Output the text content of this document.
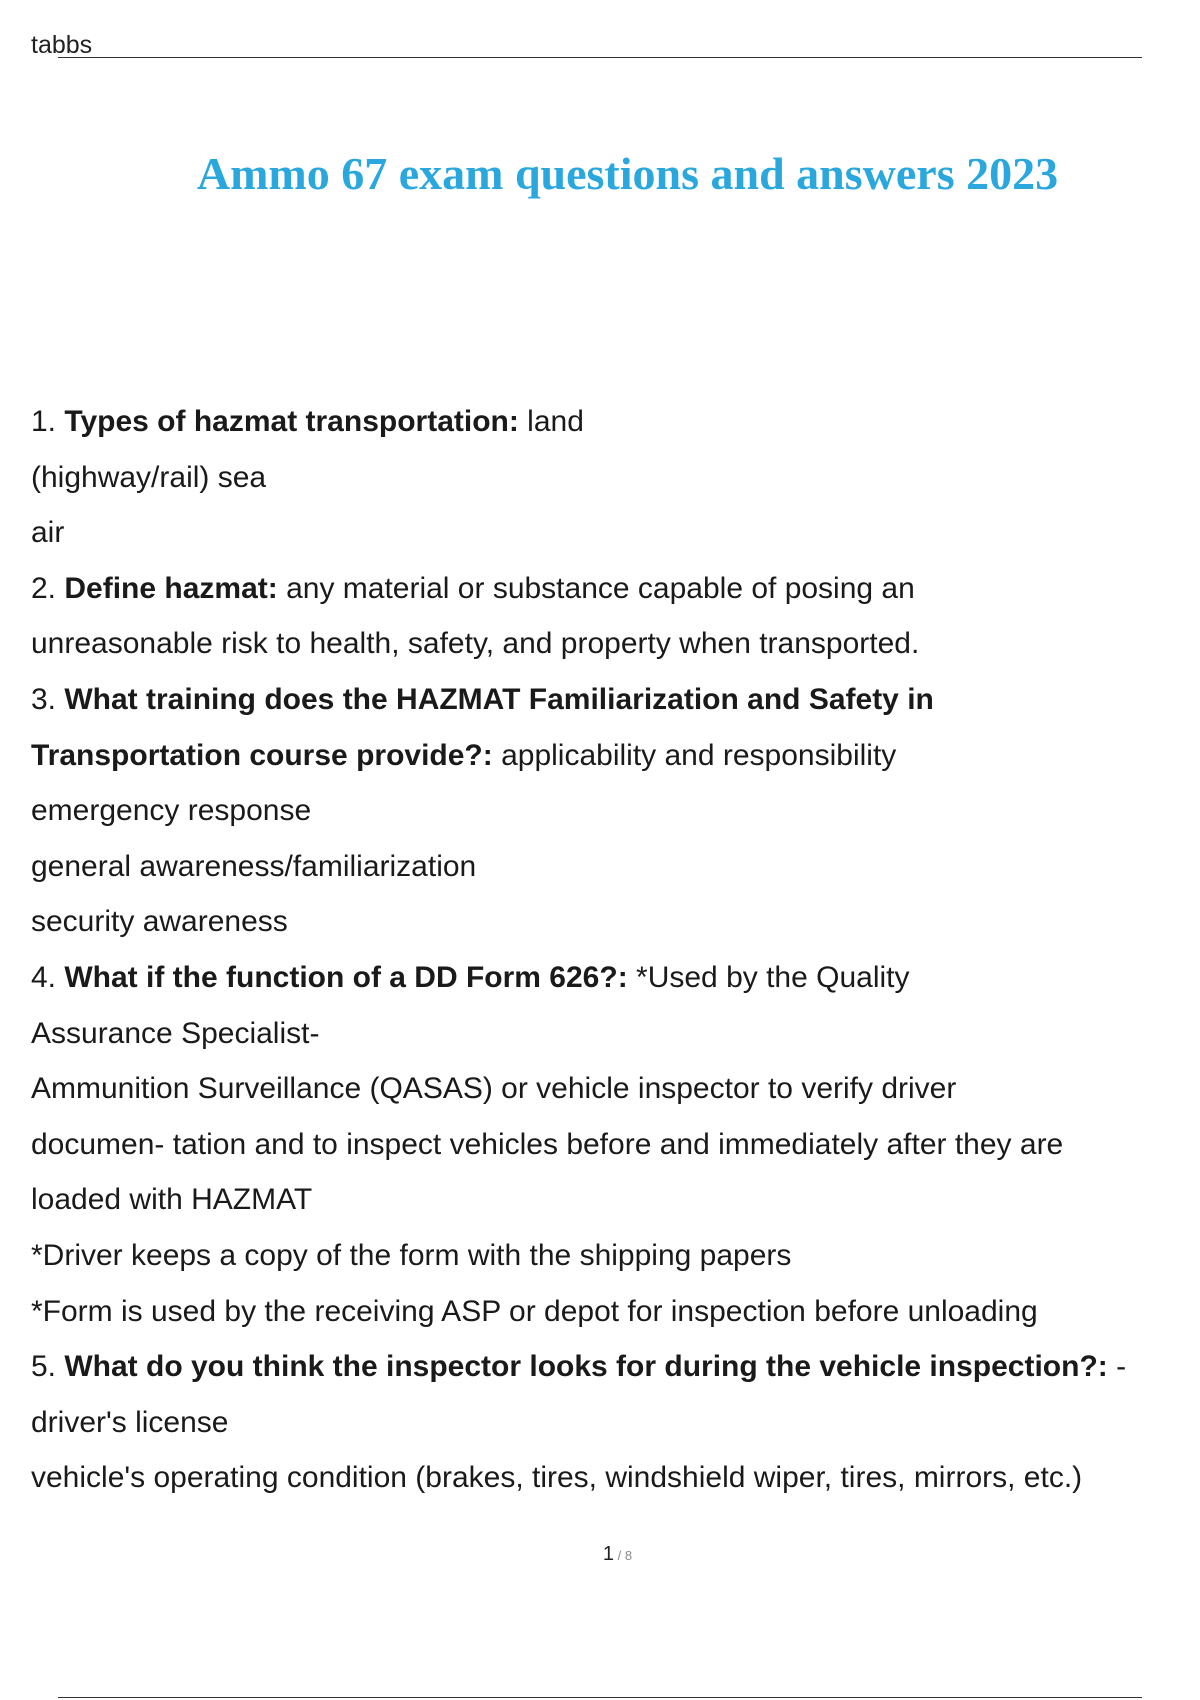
tabbs
Ammo 67 exam questions and answers 2023
1. Types of hazmat transportation: land
(highway/rail) sea
air
2. Define hazmat: any material or substance capable of posing an
unreasonable risk to health, safety, and property when transported.
3. What training does the HAZMAT Familiarization and Safety in
Transportation course provide?: applicability and responsibility
emergency response
general awareness/familiarization
security awareness
4. What if the function of a DD Form 626?: *Used by the Quality
Assurance Specialist-
Ammunition Surveillance (QASAS) or vehicle inspector to verify driver
documen- tation and to inspect vehicles before and immediately after they are
loaded with HAZMAT
*Driver keeps a copy of the form with the shipping papers
*Form is used by the receiving ASP or depot for inspection before unloading
5. What do you think the inspector looks for during the vehicle inspection?: -
driver's license
vehicle's operating condition (brakes, tires, windshield wiper, tires, mirrors, etc.)
1 / 8
